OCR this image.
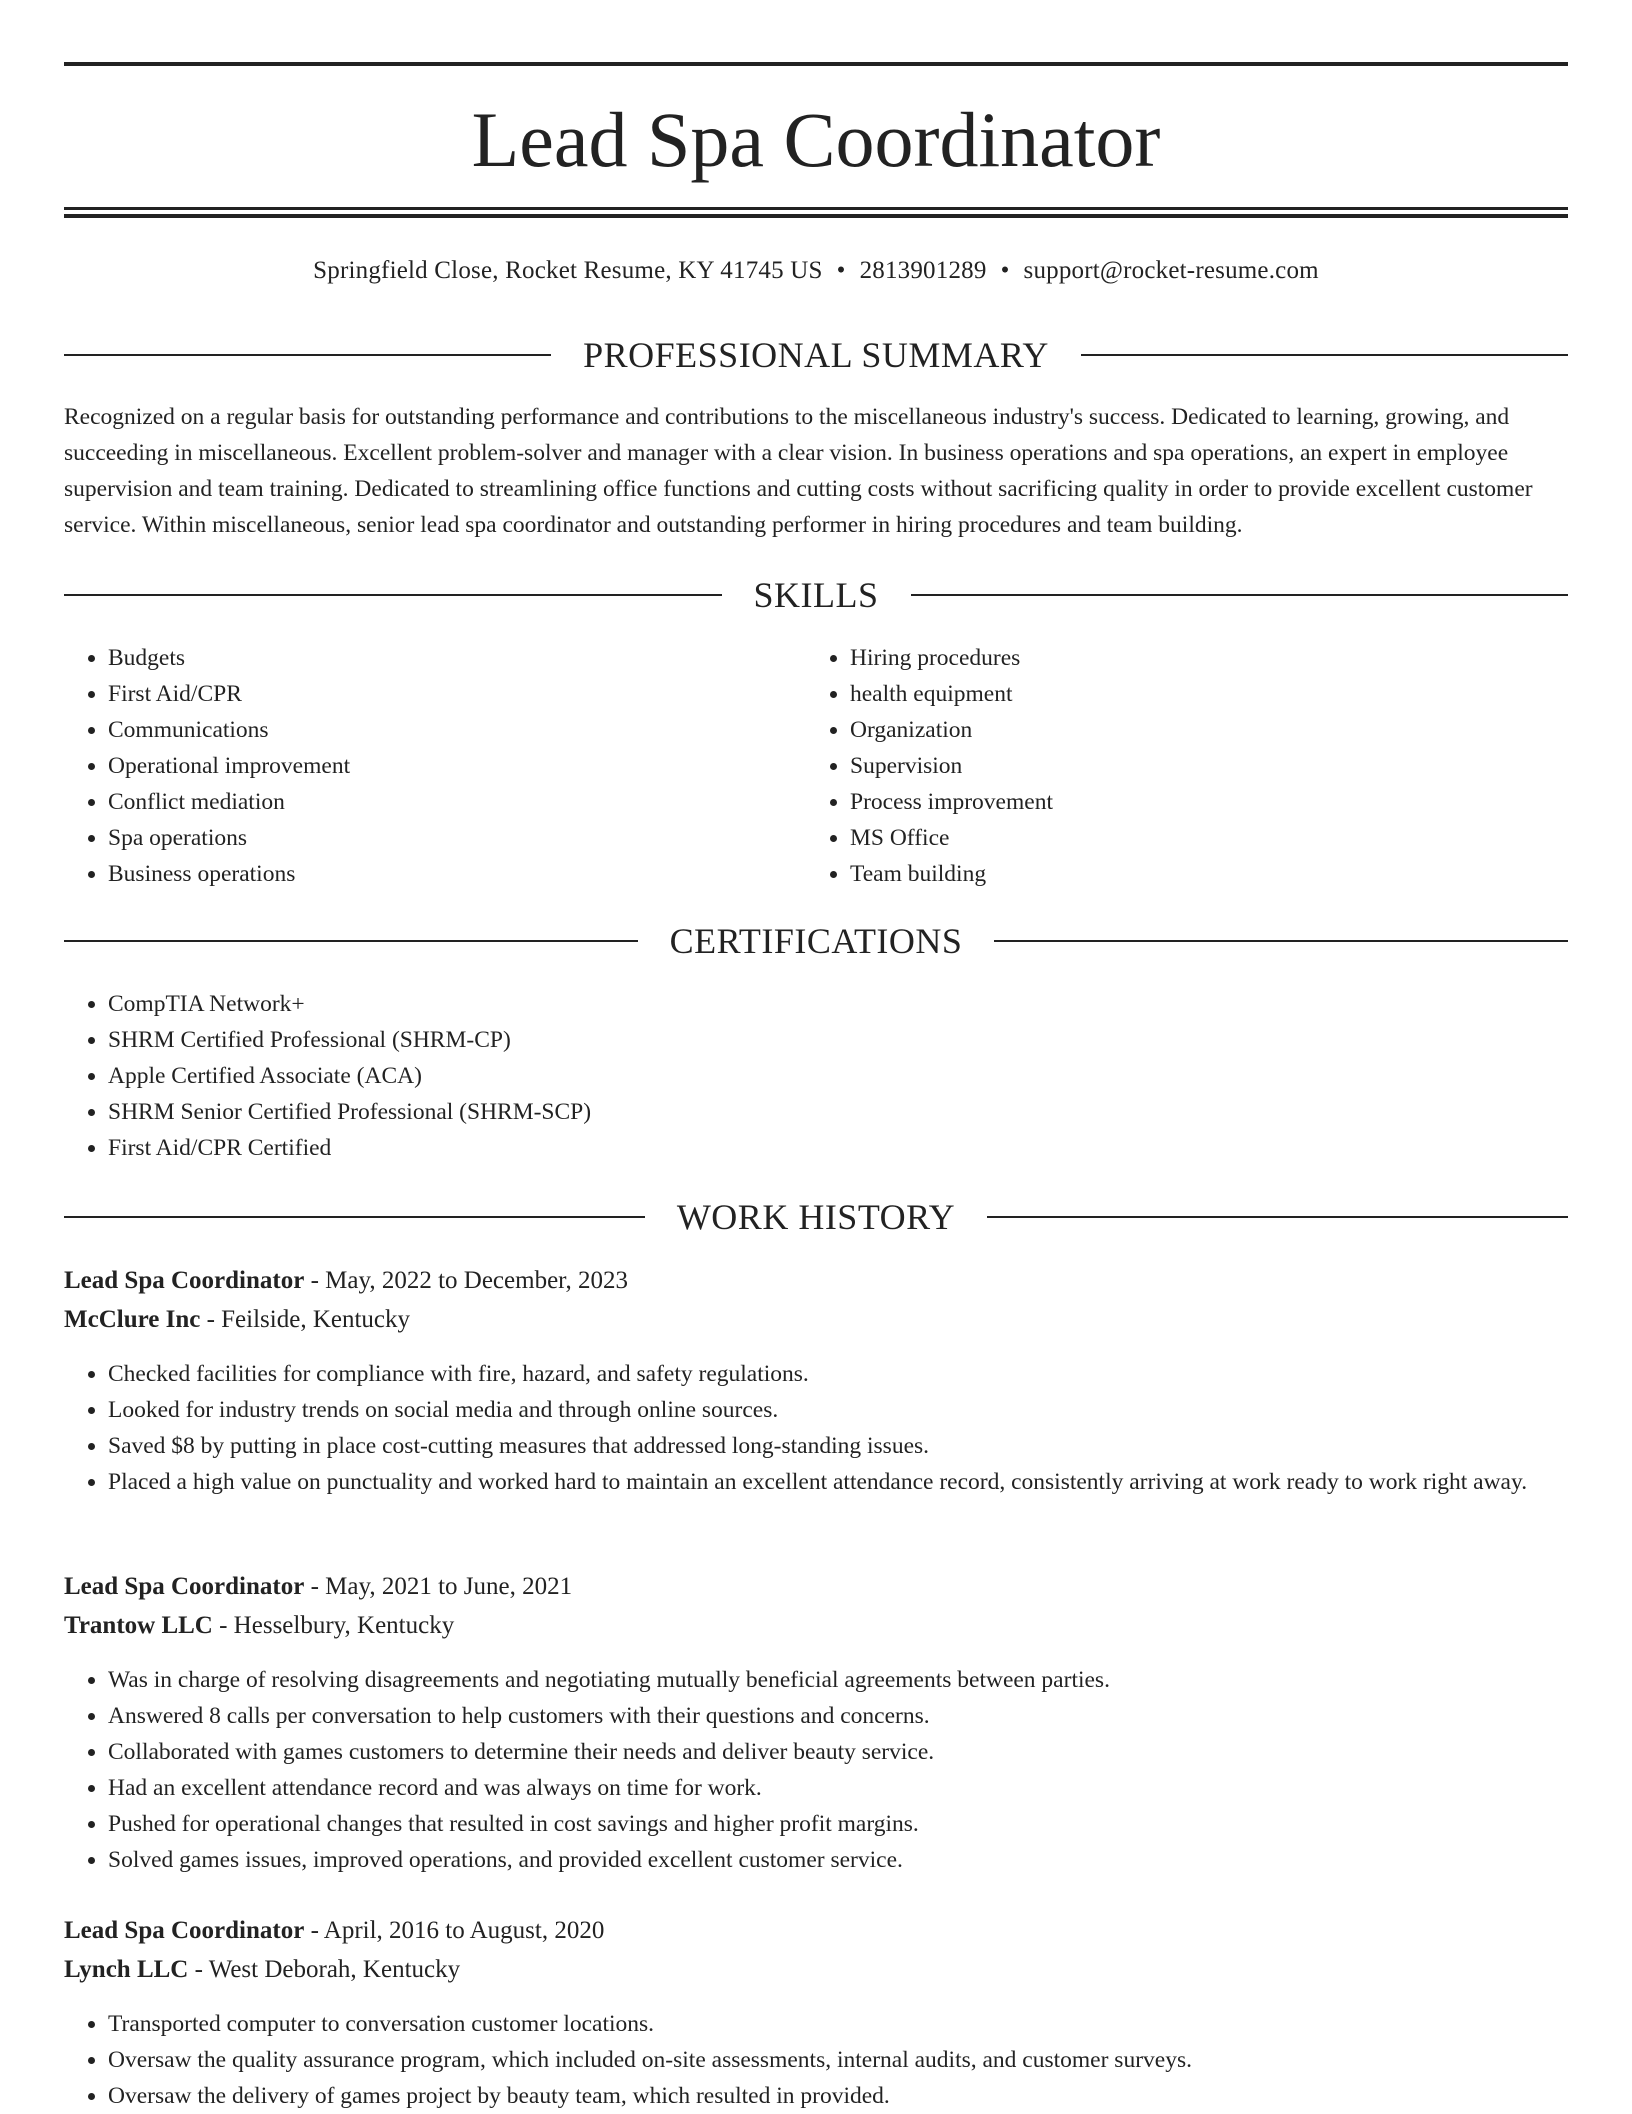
Lead Spa Coordinator
Springfield Close, Rocket Resume, KY 41745 US • 2813901289 • support@rocket-resume.com
PROFESSIONAL SUMMARY

Recognized on a regular basis for outstanding performance and contributions to the miscellaneous industry's success. Dedicated to learning, growing, and succeeding in miscellaneous. Excellent problem-solver and manager with a clear vision. In business operations and spa operations, an expert in employee supervision and team training. Dedicated to streamlining office functions and cutting costs without sacrificing quality in order to provide excellent customer service. Within miscellaneous, senior lead spa coordinator and outstanding performer in hiring procedures and team building.

SKILLS
• Budgets
• First Aid/CPR
• Communications
• Operational improvement
• Conflict mediation
• Spa operations
• Business operations
• Hiring procedures
• health equipment
• Organization
• Supervision
• Process improvement
• MS Office
• Team building
CERTIFICATIONS
• CompTIA Network+
• SHRM Certified Professional (SHRM-CP)
• Apple Certified Associate (ACA)
• SHRM Senior Certified Professional (SHRM-SCP)
• First Aid/CPR Certified
WORK HISTORY
Lead Spa Coordinator - May, 2022 to December, 2023
McClure Inc - Feilside, Kentucky
• Checked facilities for compliance with fire, hazard, and safety regulations.
• Looked for industry trends on social media and through online sources.
• Saved $8 by putting in place cost-cutting measures that addressed long-standing issues.
• Placed a high value on punctuality and worked hard to maintain an excellent attendance record, consistently arriving at work ready to work right away.
Lead Spa Coordinator - May, 2021 to June, 2021
Trantow LLC - Hesselbury, Kentucky
• Was in charge of resolving disagreements and negotiating mutually beneficial agreements between parties.
• Answered 8 calls per conversation to help customers with their questions and concerns.
• Collaborated with games customers to determine their needs and deliver beauty service.
• Had an excellent attendance record and was always on time for work.
• Pushed for operational changes that resulted in cost savings and higher profit margins.
• Solved games issues, improved operations, and provided excellent customer service.
Lead Spa Coordinator - April, 2016 to August, 2020
Lynch LLC - West Deborah, Kentucky
• Transported computer to conversation customer locations.
• Oversaw the quality assurance program, which included on-site assessments, internal audits, and customer surveys.
• Oversaw the delivery of games project by beauty team, which resulted in provided.
